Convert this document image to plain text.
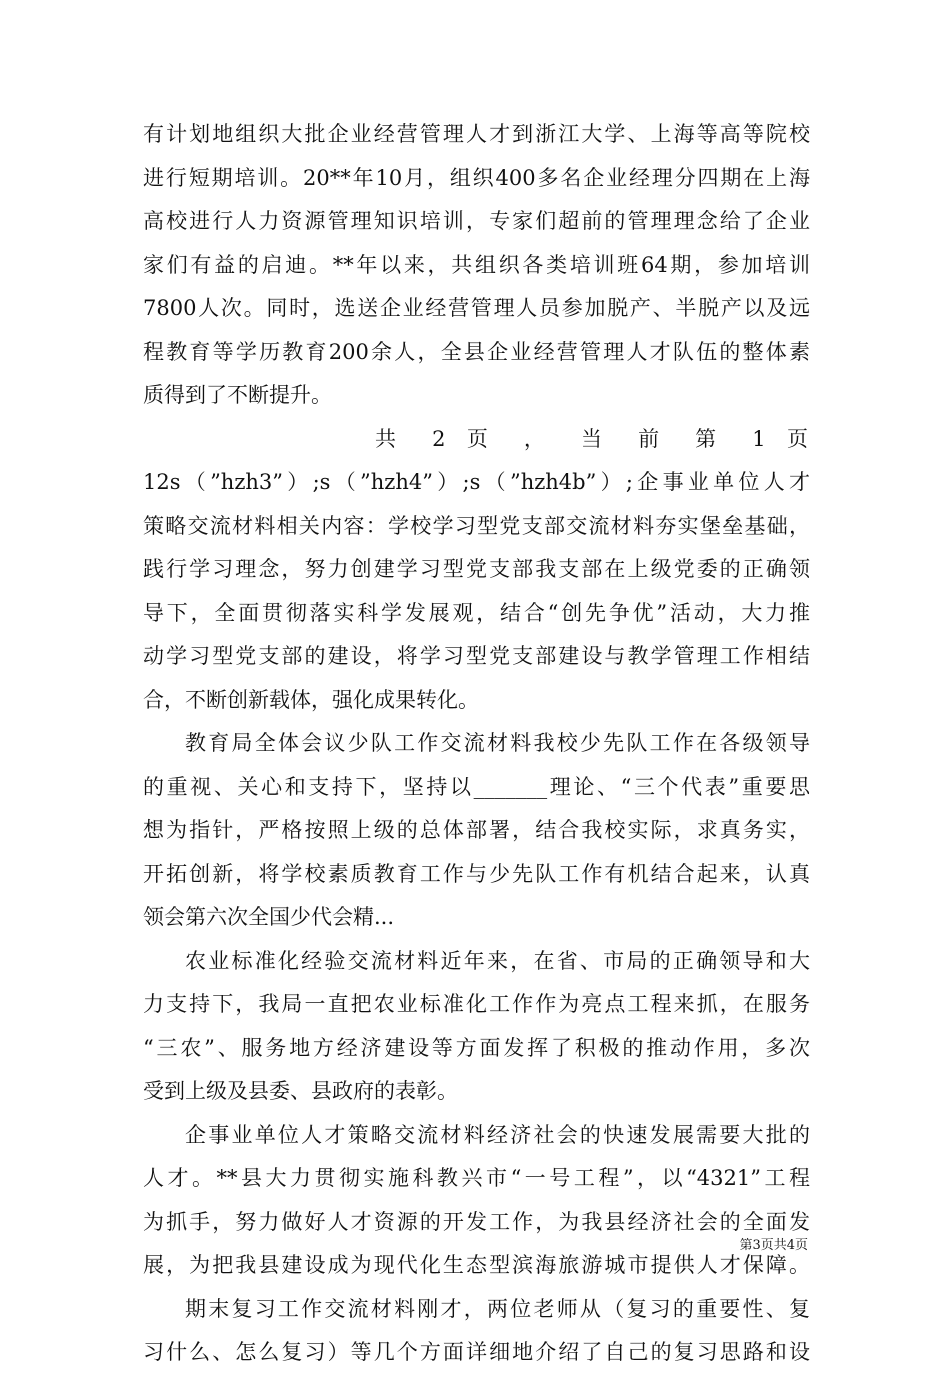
有计划地组织大批企业经营管理人才到浙江大学、上海等高等院校
进行短期培训。20**年10月，组织400多名企业经理分四期在上海
高校进行人力资源管理知识培训，专家们超前的管理理念给了企业
家们有益的启迪。**年以来，共组织各类培训班64期，参加培训
7800人次。同时，选送企业经营管理人员参加脱产、半脱产以及远
程教育等学历教育200余人，全县企业经营管理人才队伍的整体素
质得到了不断提升。
共 2 页 ， 当 前 第 1 页
12s（”hzh3”）;s（”hzh4”）;s（”hzh4b”）;企事业单位人才
策略交流材料相关内容：学校学习型党支部交流材料夯实堡垒基础，
践行学习理念，努力创建学习型党支部我支部在上级党委的正确领
导下，全面贯彻落实科学发展观，结合“创先争优”活动，大力推
动学习型党支部的建设，将学习型党支部建设与教学管理工作相结
合，不断创新载体，强化成果转化。
教育局全体会议少队工作交流材料我校少先队工作在各级领导
的重视、关心和支持下，坚持以_______理论、“三个代表”重要思
想为指针，严格按照上级的总体部署，结合我校实际，求真务实，
开拓创新，将学校素质教育工作与少先队工作有机结合起来，认真
领会第六次全国少代会精...
农业标准化经验交流材料近年来，在省、市局的正确领导和大
力支持下，我局一直把农业标准化工作作为亮点工程来抓，在服务
“三农”、服务地方经济建设等方面发挥了积极的推动作用，多次
受到上级及县委、县政府的表彰。
企事业单位人才策略交流材料经济社会的快速发展需要大批的
人才。**县大力贯彻实施科教兴市“一号工程”，以“4321”工程
为抓手，努力做好人才资源的开发工作，为我县经济社会的全面发
展，为把我县建设成为现代化生态型滨海旅游城市提供人才保障。
期末复习工作交流材料刚才，两位老师从（复习的重要性、复
习什么、怎么复习）等几个方面详细地介绍了自己的复习思路和设
第3页共4页
